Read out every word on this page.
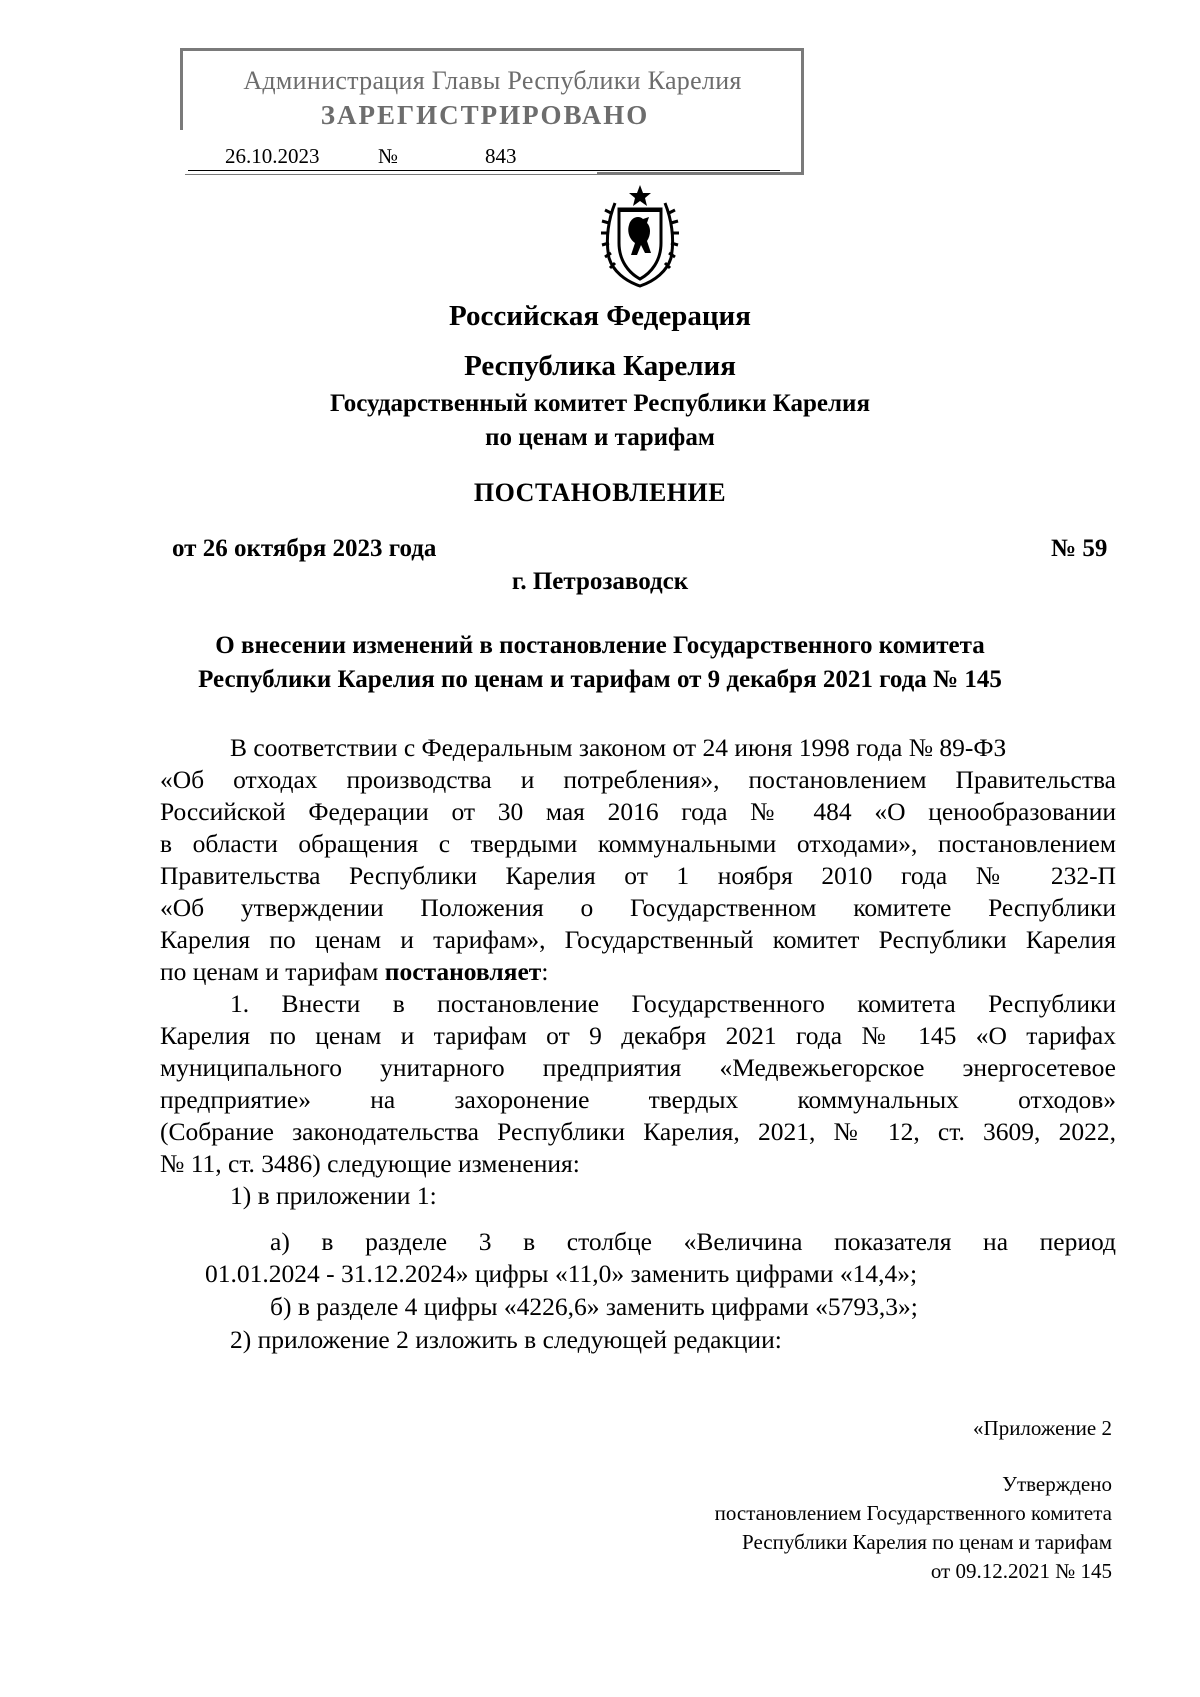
Администрация Главы Республики Карелия
ЗАРЕГИСТРИРОВАНО
26.10.2023	№	843
Российская Федерация
Республика Карелия
Государственный комитет Республики Карелия
по ценам и тарифам
ПОСТАНОВЛЕНИЕ
от 26 октября 2023 года	№ 59
г. Петрозаводск
О внесении изменений в постановление Государственного комитета
Республики Карелия по ценам и тарифам от 9 декабря 2021 года № 145
В соответствии с Федеральным законом от 24 июня 1998 года № 89-ФЗ
«Об отходах производства и потребления», постановлением Правительства
Российской Федерации от 30 мая 2016 года № 484 «О ценообразовании
в области обращения с твердыми коммунальными отходами», постановлением
Правительства Республики Карелия от 1 ноября 2010 года № 232-П
«Об утверждении Положения о Государственном комитете Республики
Карелия по ценам и тарифам», Государственный комитет Республики Карелия
по ценам и тарифам постановляет:
1. Внести в постановление Государственного комитета Республики
Карелия по ценам и тарифам от 9 декабря 2021 года № 145 «О тарифах
муниципального унитарного предприятия «Медвежьегорское энергосетевое
предприятие» на захоронение твердых коммунальных отходов»
(Собрание законодательства Республики Карелия, 2021, № 12, ст. 3609, 2022,
№ 11, ст. 3486) следующие изменения:
1) в приложении 1:
а) в разделе 3 в столбце «Величина показателя на период
01.01.2024 - 31.12.2024» цифры «11,0» заменить цифрами «14,4»;
б) в разделе 4 цифры «4226,6» заменить цифрами «5793,3»;
2) приложение 2 изложить в следующей редакции:
«Приложение 2
Утверждено
постановлением Государственного комитета
Республики Карелия по ценам и тарифам
от 09.12.2021 № 145
